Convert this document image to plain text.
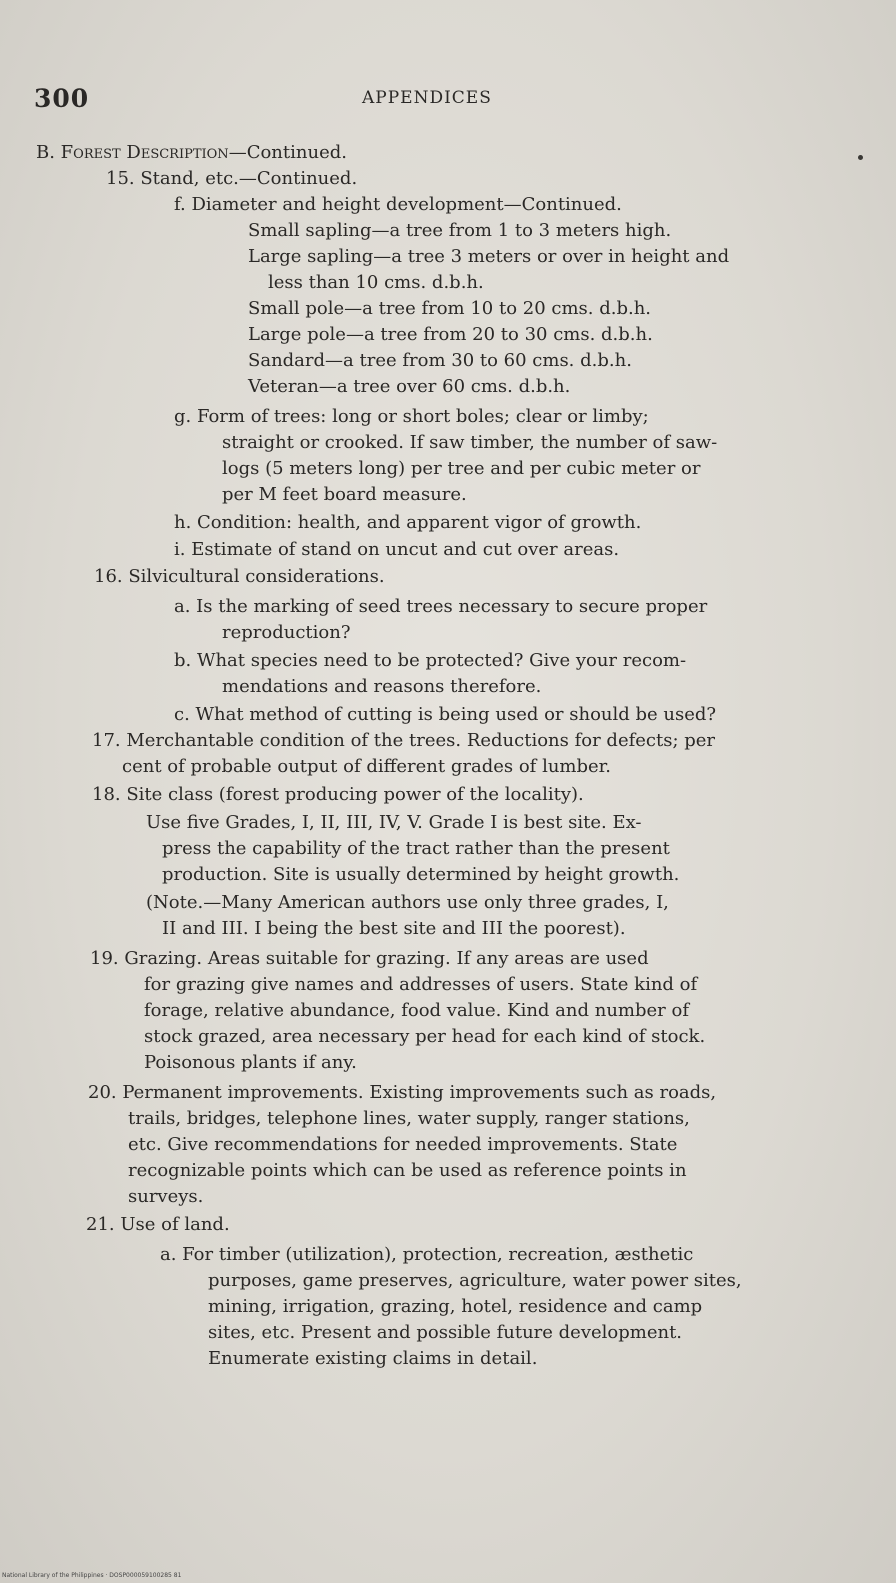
300	APPENDICES
B. Forest Description—Continued.
15. Stand, etc.—Continued.
f. Diameter and height development—Continued.
Small sapling—a tree from 1 to 3 meters high.
Large sapling—a tree 3 meters or over in height and
less than 10 cms. d.b.h.
Small pole—a tree from 10 to 20 cms. d.b.h.
Large pole—a tree from 20 to 30 cms. d.b.h.
Sandard—a tree from 30 to 60 cms. d.b.h.
Veteran—a tree over 60 cms. d.b.h.
g. Form of trees: long or short boles; clear or limby;
straight or crooked. If saw timber, the number of saw-
logs (5 meters long) per tree and per cubic meter or
per M feet board measure.
h. Condition: health, and apparent vigor of growth.
i. Estimate of stand on uncut and cut over areas.
16. Silvicultural considerations.
a. Is the marking of seed trees necessary to secure proper
reproduction?
b. What species need to be protected? Give your recom-
mendations and reasons therefore.
c. What method of cutting is being used or should be used?
17. Merchantable condition of the trees. Reductions for defects; per
cent of probable output of different grades of lumber.
18. Site class (forest producing power of the locality).
Use five Grades, I, II, III, IV, V. Grade I is best site. Ex-
press the capability of the tract rather than the present
production. Site is usually determined by height growth.
(Note.—Many American authors use only three grades, I,
II and III. I being the best site and III the poorest).
19. Grazing. Areas suitable for grazing. If any areas are used
for grazing give names and addresses of users. State kind of
forage, relative abundance, food value. Kind and number of
stock grazed, area necessary per head for each kind of stock.
Poisonous plants if any.
20. Permanent improvements. Existing improvements such as roads,
trails, bridges, telephone lines, water supply, ranger stations,
etc. Give recommendations for needed improvements. State
recognizable points which can be used as reference points in
surveys.
21. Use of land.
a. For timber (utilization), protection, recreation, æsthetic
purposes, game preserves, agriculture, water power sites,
mining, irrigation, grazing, hotel, residence and camp
sites, etc. Present and possible future development.
Enumerate existing claims in detail.
National Library of the Philippines · DOSP000059100285 81
